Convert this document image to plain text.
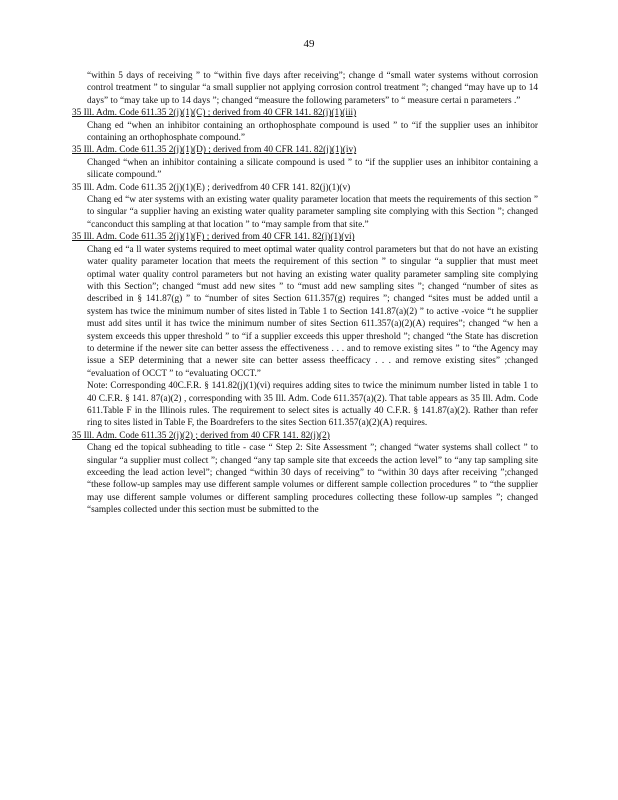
49
“within 5 days of receiving ” to “within five days after receiving”; change d “small water systems without corrosion control treatment ” to singular “a small supplier not applying corrosion control treatment ”; changed “may have up to 14 days” to “may take up to 14 days ”; changed “measure the following parameters” to “ measure certai n parameters .”
35 Ill. Adm. Code 611.35 2(j)(1)(C) ; derived from 40 CFR 141. 82(j)(1)(iii)
Chang ed “when an inhibitor containing an orthophosphate compound is used ” to “if the supplier uses an inhibitor containing an orthophosphate compound.”
35 Ill. Adm. Code 611.35 2(j)(1)(D) ; derived from 40 CFR 141. 82(j)(1)(iv)
Changed “when an inhibitor containing a silicate compound is used ” to “if the supplier uses an inhibitor containing a silicate compound.”
35 Ill. Adm. Code 611.35 2(j)(1)(E) ; derivedfrom 40 CFR 141. 82(j)(1)(v)
Chang ed “w ater systems with an existing water quality parameter location that meets the requirements of this section ” to singular “a supplier having an existing water quality parameter sampling site complying with this Section ”; changed “canconduct this sampling at that location ” to “may sample from that site.”
35 Ill. Adm. Code 611.35 2(j)(1)(F) ; derived from 40 CFR 141. 82(j)(1)(vi)
Chang ed “a ll water systems required to meet optimal water quality control parameters but that do not have an existing water quality parameter location that meets the requirement of this section ” to singular “a supplier that must meet optimal water quality control parameters but not having an existing water quality parameter sampling site complying with this Section”; changed “must add new sites ” to “must add new sampling sites ”; changed “number of sites as described in § 141.87(g) ” to “number of sites Section 611.357(g) requires ”; changed “sites must be added until a system has twice the minimum number of sites listed in Table 1 to Section 141.87(a)(2) ” to active -voice “t he supplier must add sites until it has twice the minimum number of sites Section 611.357(a)(2)(A) requires”; changed “w hen a system exceeds this upper threshold ” to “if a supplier exceeds this upper threshold ”; changed “the State has discretion to determine if the newer site can better assess the effectiveness . . . and to remove existing sites ” to “the Agency may issue a SEP determining that a newer site can better assess theefficacy . . . and remove existing sites” ;changed “evaluation of OCCT ” to “evaluating OCCT.”
Note: Corresponding 40C.F.R. § 141.82(j)(1)(vi) requires adding sites to twice the minimum number listed in table 1 to 40 C.F.R. § 141. 87(a)(2) , corresponding with 35 Ill. Adm. Code 611.357(a)(2). That table appears as 35 Ill. Adm. Code 611.Table F in the Illinois rules. The requirement to select sites is actually 40 C.F.R. § 141.87(a)(2). Rather than refer ring to sites listed in Table F, the Boardrefers to the sites Section 611.357(a)(2)(A) requires.
35 Ill. Adm. Code 611.35 2(j)(2) ; derived from 40 CFR 141. 82(j)(2)
Chang ed the topical subheading to title - case “ Step 2: Site Assessment ”; changed “water systems shall collect ” to singular “a supplier must collect ”; changed “any tap sample site that exceeds the action level” to “any tap sampling site exceeding the lead action level”; changed “within 30 days of receiving” to “within 30 days after receiving ”;changed “these follow-up samples may use different sample volumes or different sample collection procedures ” to “the supplier may use different sample volumes or different sampling procedures collecting these follow-up samples ”; changed “samples collected under this section must be submitted to the
